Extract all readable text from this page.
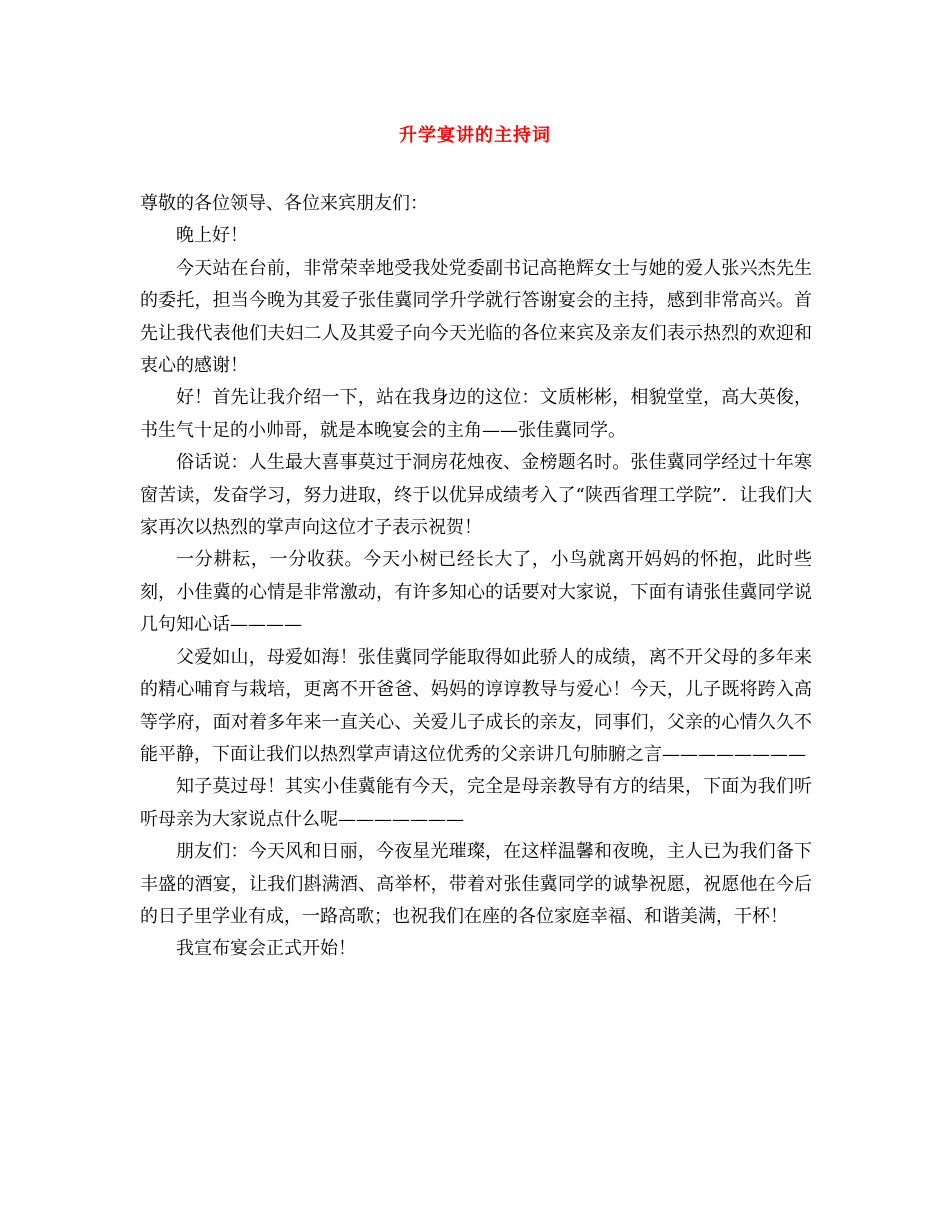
升学宴讲的主持词

尊敬的各位领导、各位来宾朋友们：

晚上好！

今天站在台前，非常荣幸地受我处党委副书记高艳辉女士与她的爱人张兴杰先生的委托，担当今晚为其爱子张佳冀同学升学就行答谢宴会的主持，感到非常高兴。首先让我代表他们夫妇二人及其爱子向今天光临的各位来宾及亲友们表示热烈的欢迎和衷心的感谢！

好！首先让我介绍一下，站在我身边的这位：文质彬彬，相貌堂堂，高大英俊，书生气十足的小帅哥，就是本晚宴会的主角——张佳冀同学。

俗话说：人生最大喜事莫过于洞房花烛夜、金榜题名时。张佳冀同学经过十年寒窗苦读，发奋学习，努力进取，终于以优异成绩考入了“陕西省理工学院”．让我们大家再次以热烈的掌声向这位才子表示祝贺！

一分耕耘，一分收获。今天小树已经长大了，小鸟就离开妈妈的怀抱，此时些刻，小佳冀的心情是非常激动，有许多知心的话要对大家说，下面有请张佳冀同学说几句知心话————

父爱如山，母爱如海！张佳冀同学能取得如此骄人的成绩，离不开父母的多年来的精心哺育与栽培，更离不开爸爸、妈妈的谆谆教导与爱心！今天，儿子既将跨入高等学府，面对着多年来一直关心、关爱儿子成长的亲友，同事们，父亲的心情久久不能平静，下面让我们以热烈掌声请这位优秀的父亲讲几句肺腑之言————————

知子莫过母！其实小佳冀能有今天，完全是母亲教导有方的结果，下面为我们听听母亲为大家说点什么呢———————

朋友们：今天风和日丽，今夜星光璀璨，在这样温馨和夜晚，主人已为我们备下丰盛的酒宴，让我们斟满酒、高举杯，带着对张佳冀同学的诚挚祝愿，祝愿他在今后的日子里学业有成，一路高歌；也祝我们在座的各位家庭幸福、和谐美满，干杯！

我宣布宴会正式开始！
